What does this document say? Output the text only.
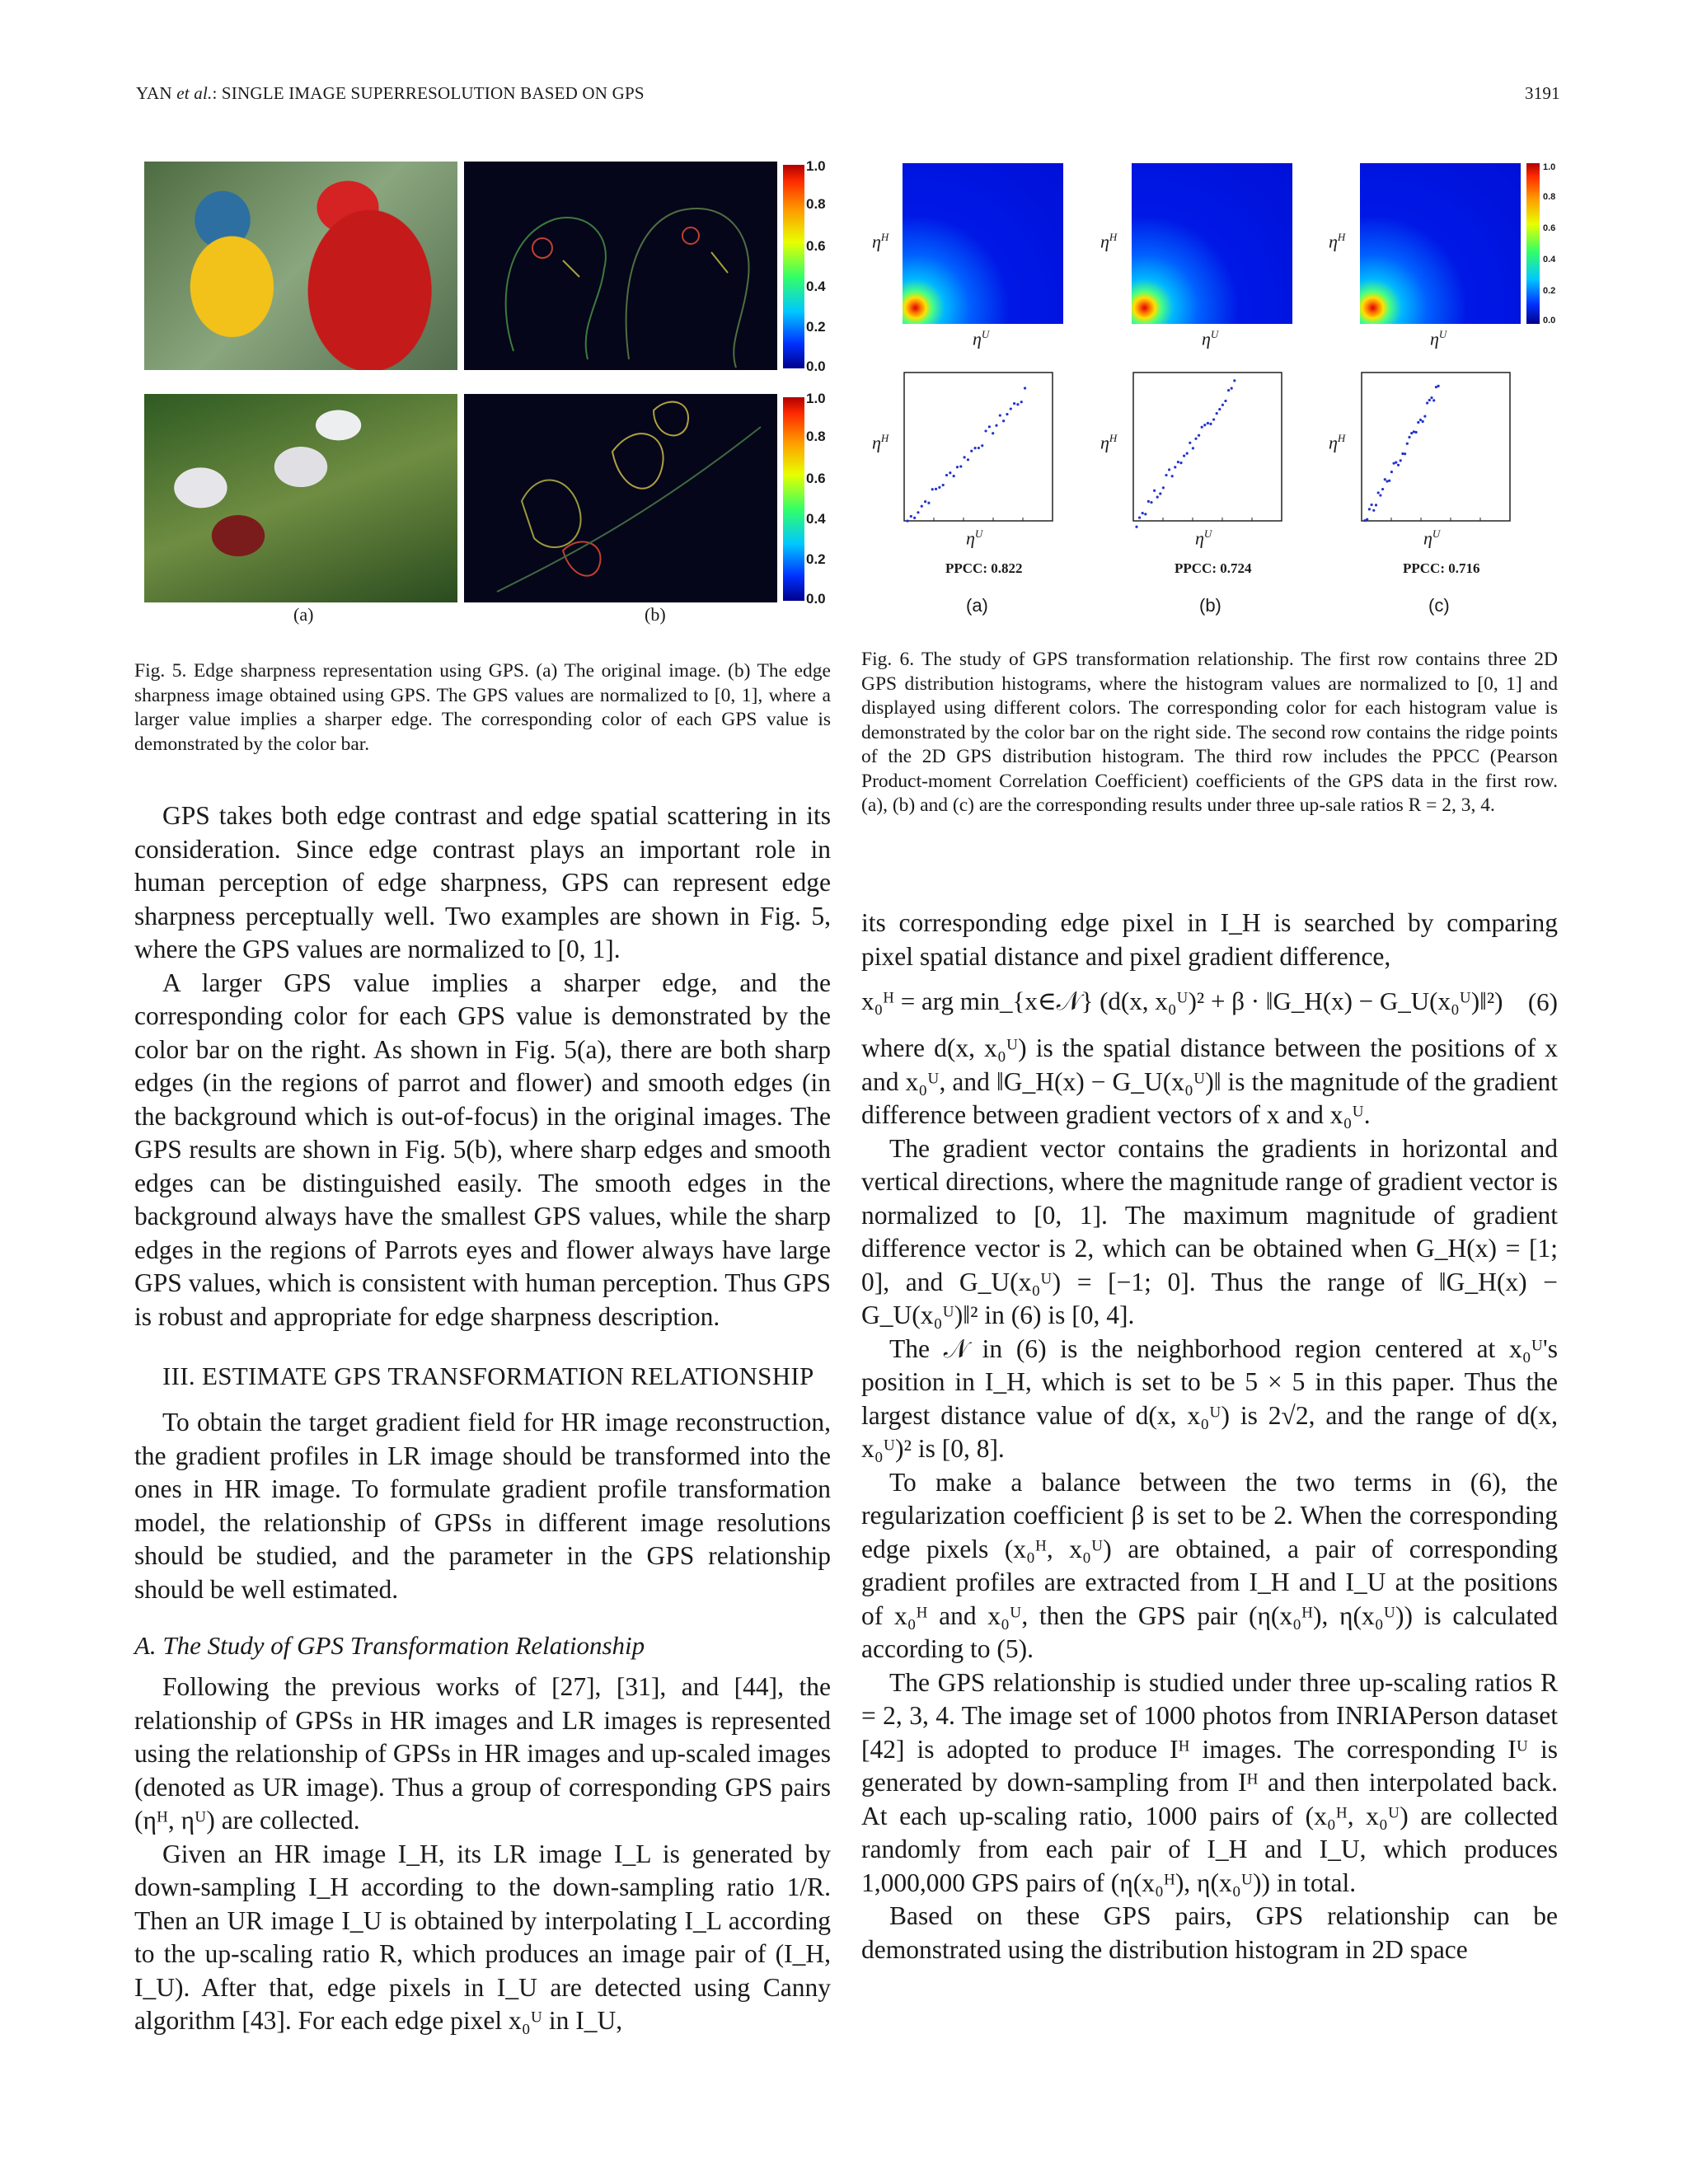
YAN et al.: SINGLE IMAGE SUPERRESOLUTION BASED ON GPS	3191
1.0
0.8
0.6
0.4
0.2
0.0
1.0
0.8
0.6
0.4
0.2
0.0
(a)	(b)
Fig. 5. Edge sharpness representation using GPS. (a) The original image. (b) The edge sharpness image obtained using GPS. The GPS values are normalized to [0, 1], where a larger value implies a sharper edge. The corresponding color of each GPS value is demonstrated by the color bar.
1.0
0.8
0.6
0.4
0.2
0.0
$\eta^H$	$\eta^H$	$\eta^H$
$\eta^U$	$\eta^U$	$\eta^U$
$\eta^H$	$\eta^H$	$\eta^H$
$\eta^U$	$\eta^U$	$\eta^U$
PPCC: 0.822	PPCC: 0.724	PPCC: 0.716
(a)	(b)	(c)
Fig. 6. The study of GPS transformation relationship. The first row contains three 2D GPS distribution histograms, where the histogram values are normalized to [0, 1] and displayed using different colors. The corresponding color for each histogram value is demonstrated by the color bar on the right side. The second row contains the ridge points of the 2D GPS distribution histogram. The third row includes the PPCC (Pearson Product-moment Correlation Coefficient) coefficients of the GPS data in the first row. (a), (b) and (c) are the corresponding results under three up-sale ratios R = 2, 3, 4.

GPS takes both edge contrast and edge spatial scattering in its consideration. Since edge contrast plays an important role in human perception of edge sharpness, GPS can represent edge sharpness perceptually well. Two examples are shown in Fig. 5, where the GPS values are normalized to [0, 1].

A larger GPS value implies a sharper edge, and the corresponding color for each GPS value is demonstrated by the color bar on the right. As shown in Fig. 5(a), there are both sharp edges (in the regions of parrot and flower) and smooth edges (in the background which is out-of-focus) in the original images. The GPS results are shown in Fig. 5(b), where sharp edges and smooth edges can be distinguished easily. The smooth edges in the background always have the smallest GPS values, while the sharp edges in the regions of Parrots eyes and flower always have large GPS values, which is consistent with human perception. Thus GPS is robust and appropriate for edge sharpness description.

III. ESTIMATE GPS TRANSFORMATION RELATIONSHIP

To obtain the target gradient field for HR image reconstruction, the gradient profiles in LR image should be transformed into the ones in HR image. To formulate gradient profile transformation model, the relationship of GPSs in different image resolutions should be studied, and the parameter in the GPS relationship should be well estimated.

A. The Study of GPS Transformation Relationship

Following the previous works of [27], [31], and [44], the relationship of GPSs in HR images and LR images is represented using the relationship of GPSs in HR images and up-scaled images (denoted as UR image). Thus a group of corresponding GPS pairs (ηᴴ, ηᵁ) are collected.

Given an HR image I_H, its LR image I_L is generated by down-sampling I_H according to the down-sampling ratio 1/R. Then an UR image I_U is obtained by interpolating I_L according to the up-scaling ratio R, which produces an image pair of (I_H, I_U). After that, edge pixels in I_U are detected using Canny algorithm [43]. For each edge pixel x₀ᵁ in I_U,

its corresponding edge pixel in I_H is searched by comparing pixel spatial distance and pixel gradient difference,

x₀ᴴ = arg min_{x∈𝒩} (d(x, x₀ᵁ)² + β · ‖G_H(x) − G_U(x₀ᵁ)‖²) (6)

where d(x, x₀ᵁ) is the spatial distance between the positions of x and x₀ᵁ, and ‖G_H(x) − G_U(x₀ᵁ)‖ is the magnitude of the gradient difference between gradient vectors of x and x₀ᵁ.

The gradient vector contains the gradients in horizontal and vertical directions, where the magnitude range of gradient vector is normalized to [0, 1]. The maximum magnitude of gradient difference vector is 2, which can be obtained when G_H(x) = [1; 0], and G_U(x₀ᵁ) = [−1; 0]. Thus the range of ‖G_H(x) − G_U(x₀ᵁ)‖² in (6) is [0, 4].

The 𝒩 in (6) is the neighborhood region centered at x₀ᵁ's position in I_H, which is set to be 5 × 5 in this paper. Thus the largest distance value of d(x, x₀ᵁ) is 2√2, and the range of d(x, x₀ᵁ)² is [0, 8].

To make a balance between the two terms in (6), the regularization coefficient β is set to be 2. When the corresponding edge pixels (x₀ᴴ, x₀ᵁ) are obtained, a pair of corresponding gradient profiles are extracted from I_H and I_U at the positions of x₀ᴴ and x₀ᵁ, then the GPS pair (η(x₀ᴴ), η(x₀ᵁ)) is calculated according to (5).

The GPS relationship is studied under three up-scaling ratios R = 2, 3, 4. The image set of 1000 photos from INRIAPerson dataset [42] is adopted to produce Iᴴ images. The corresponding Iᵁ is generated by down-sampling from Iᴴ and then interpolated back. At each up-scaling ratio, 1000 pairs of (x₀ᴴ, x₀ᵁ) are collected randomly from each pair of I_H and I_U, which produces 1,000,000 GPS pairs of (η(x₀ᴴ), η(x₀ᵁ)) in total.

Based on these GPS pairs, GPS relationship can be demonstrated using the distribution histogram in 2D space
